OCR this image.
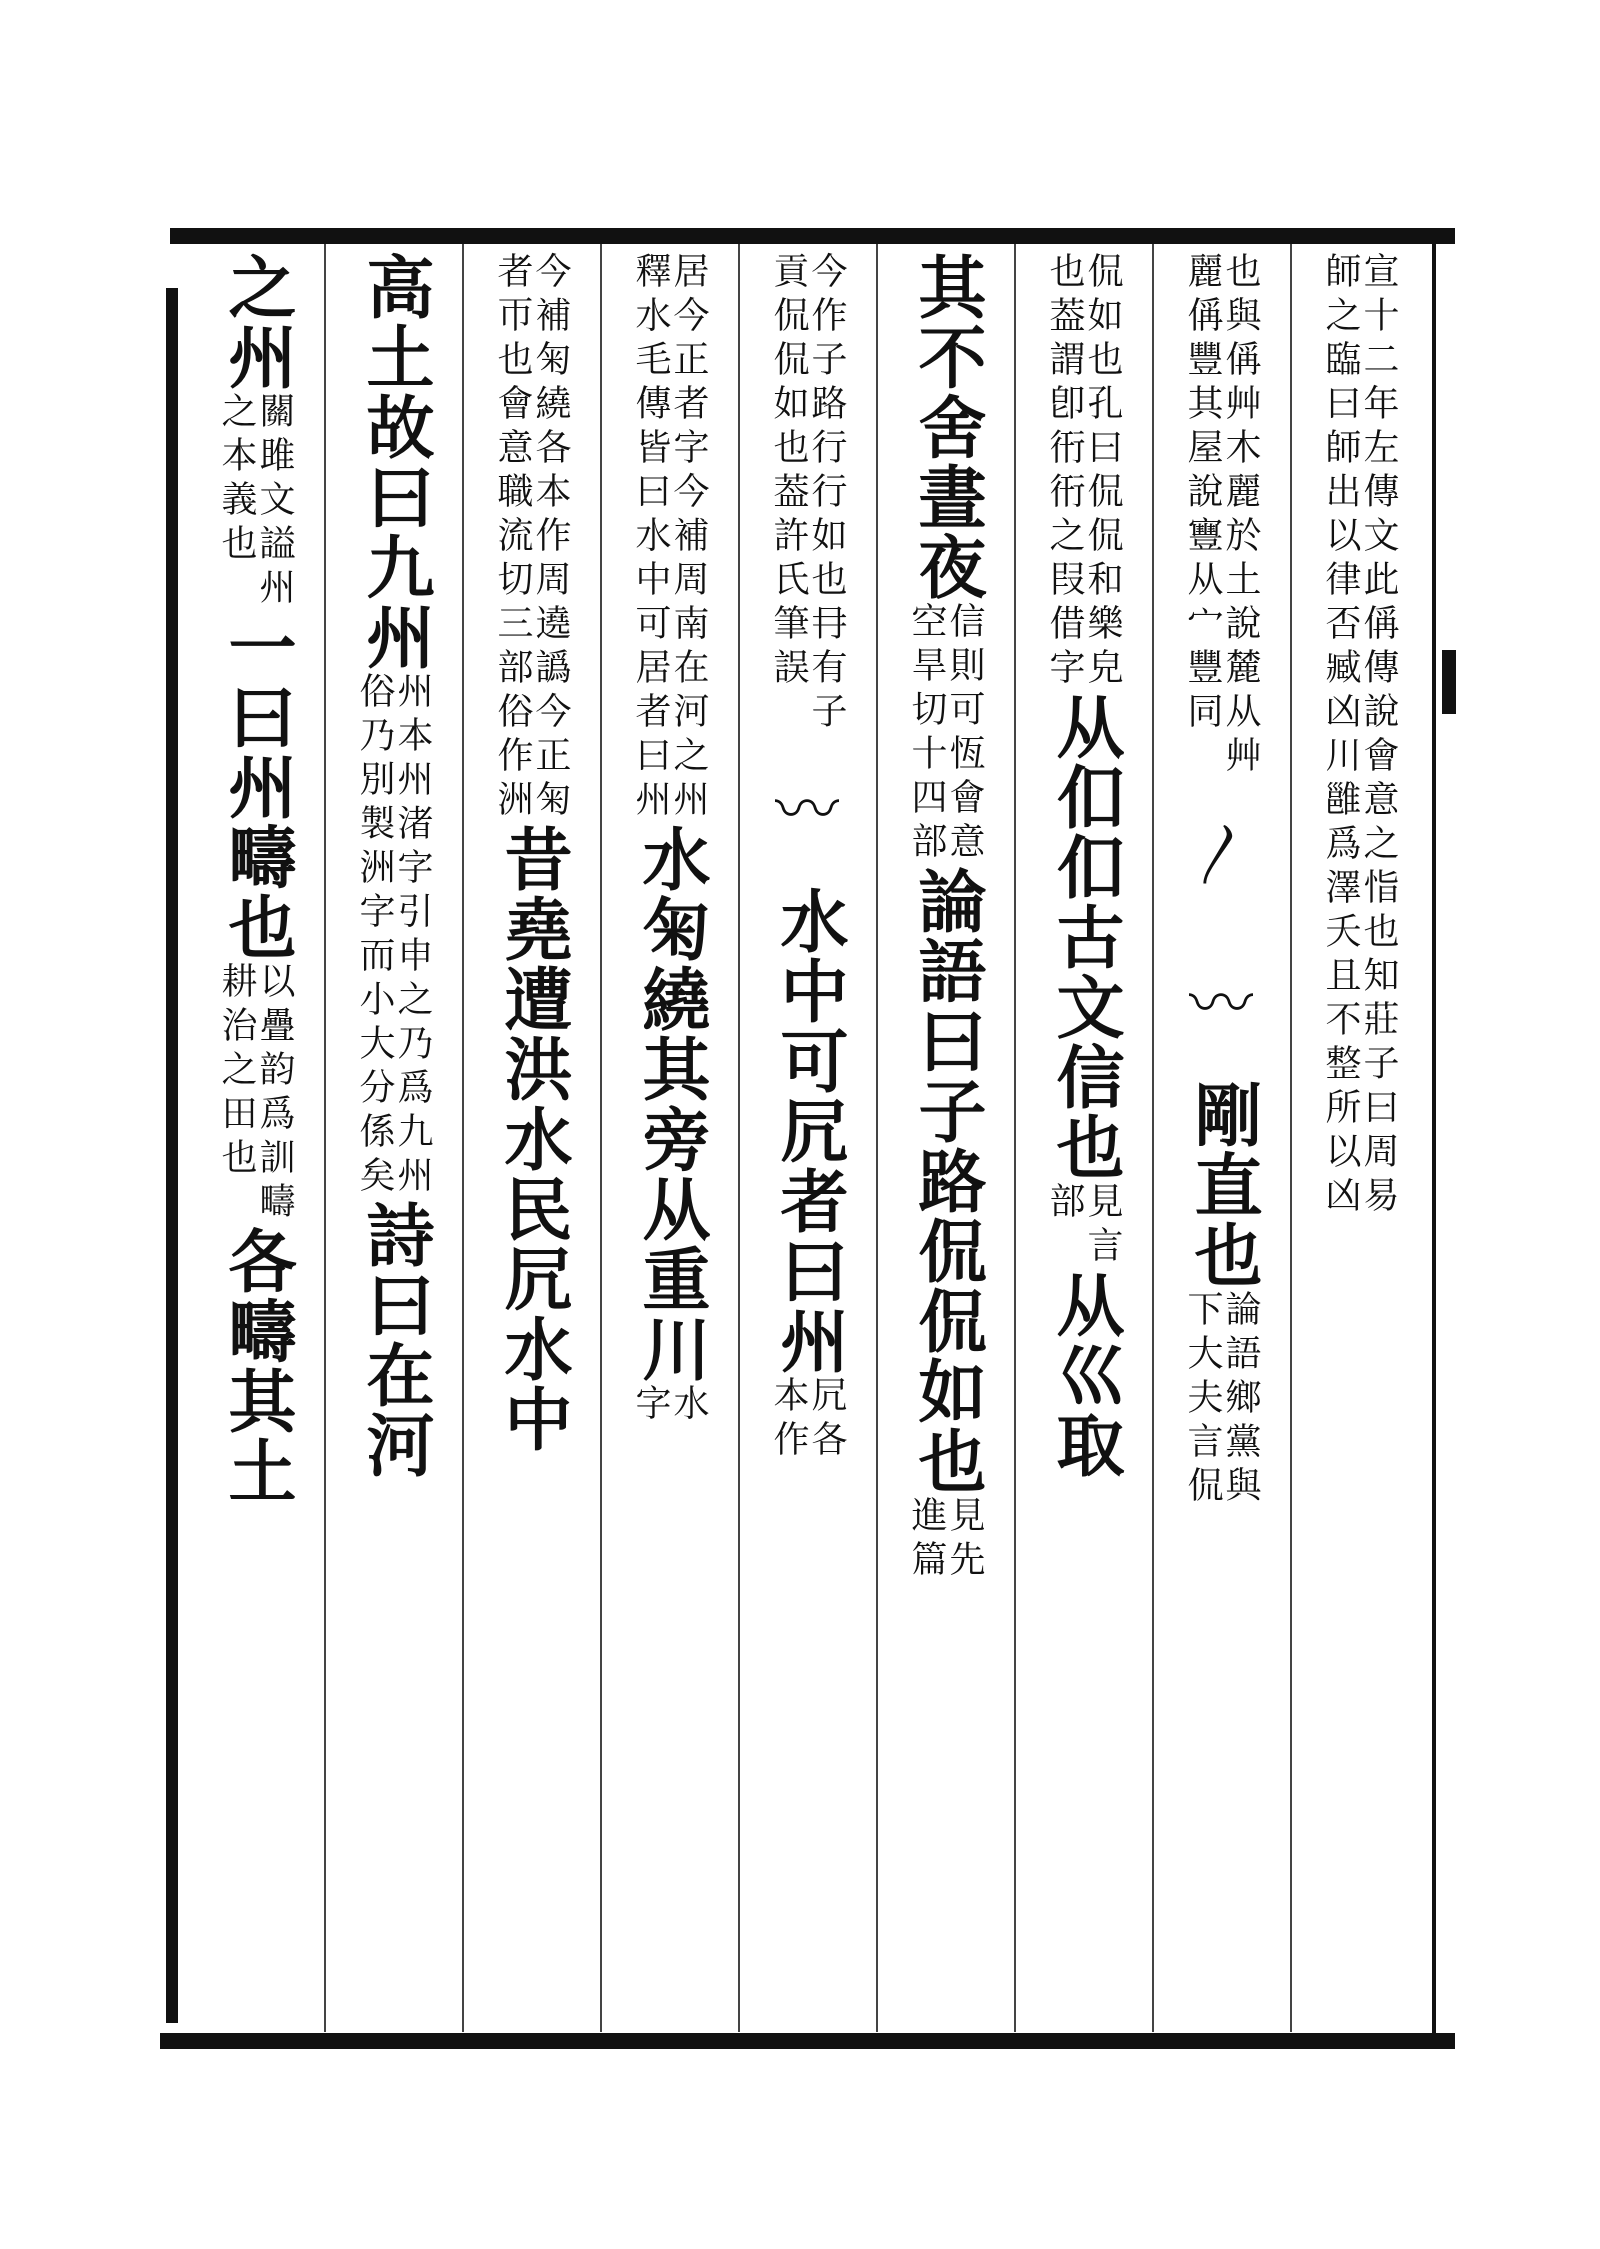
宣十二年左傳文此偁傳說會意之恉也知莊子曰周易
師之臨曰師出以律否臧凶川雝爲澤夭且不整所以凶
也與偁艸木麗於土說麓从艸
麗偁豐其屋說寷从宀豐同
〳〰
剛直也
論語鄉黨與
下大夫言侃
侃如也孔曰侃侃和樂皃
也葢謂卽衎衎之叚借字
从㐰㐰古文信也
見言
部
从巛取
其不舍晝夜
信則可恆會意
空旱切十四部
論語曰子路侃侃如也
見先
進篇
今作子路行行如也冄有子
貢侃侃如也葢許氏筆誤
〰
水中可凥者曰州
凥各
本作
居今正者字今補周南在河之州
釋水毛傳皆曰水中可居者曰州
水匊繞其旁从重川
水
字
今補匊繞各本作周遶譌今正匊
者帀也會意職流切三部俗作洲
昔堯遭洪水民凥水中
高土故曰九州
州本州渚字引申之乃爲九州
俗乃別製洲字而小大分係矣
詩曰在河
之州
關雎文謚州
之本義也
一曰州疇也
以疊韵爲訓疇
耕治之田也
各疇其土
